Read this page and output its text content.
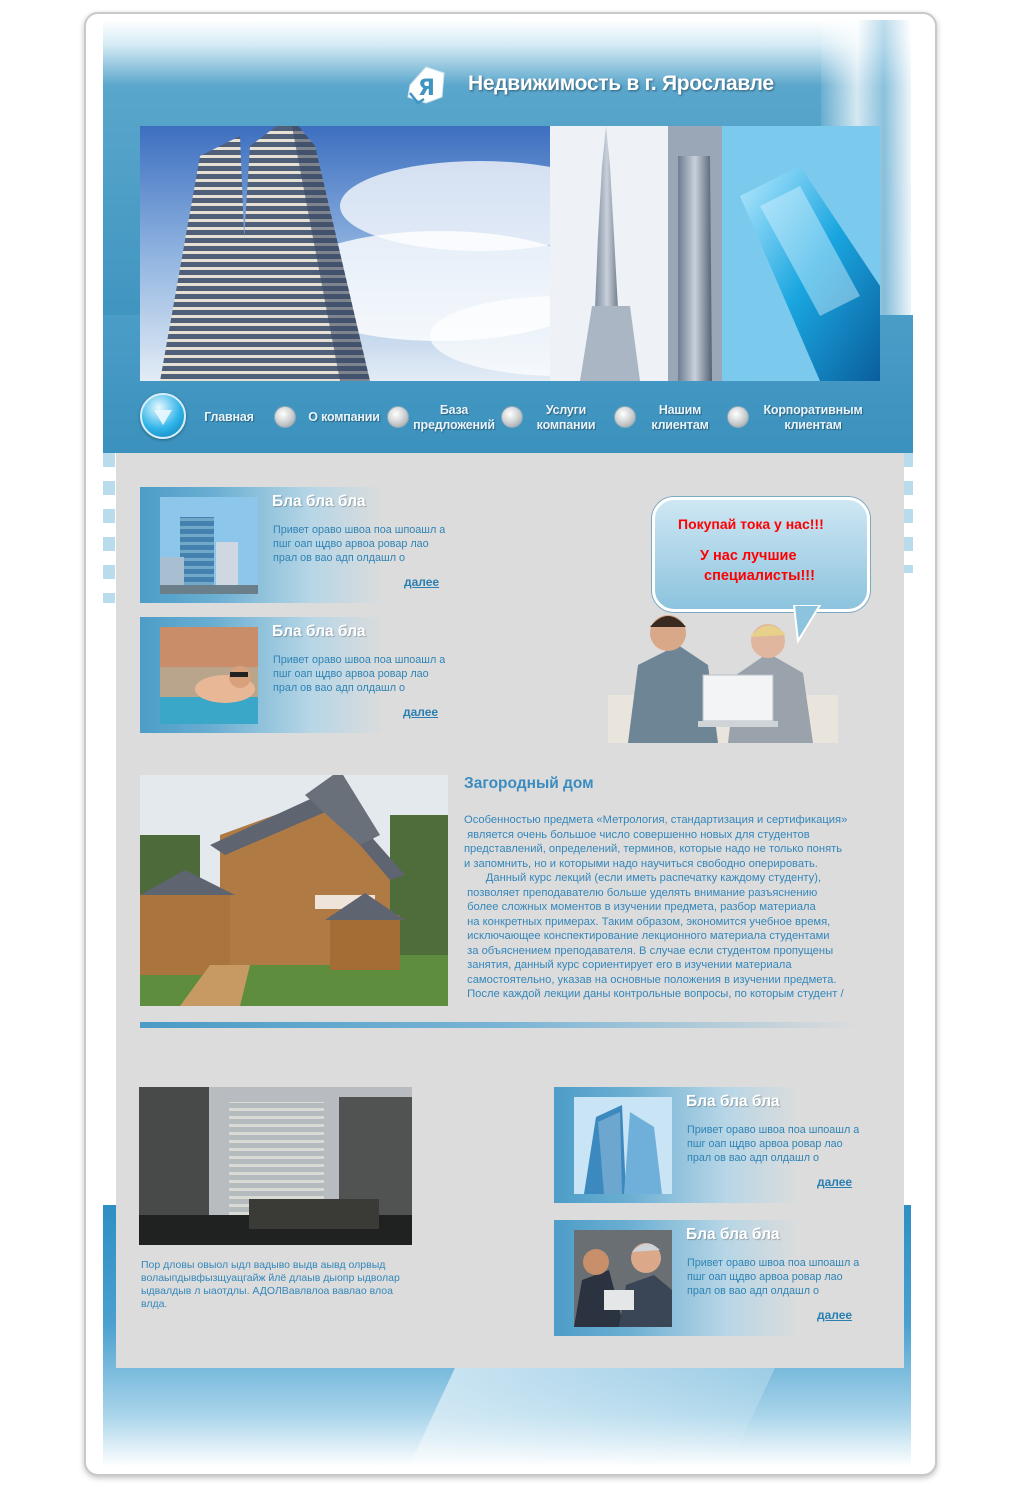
Я Недвижимость в г. Ярославле
Главная	О компании	База предложений
Услуги компании
Нашим клиентам
Корпоративным клиентам
Бла бла бла
Привет ораво швоа поа шпоашл а пшг оап щдво арвоа ровар лао прал ов вао адп олдашл о
далее
Бла бла бла
Привет ораво швоа поа шпоашл а пшг оап щдво арвоа ровар лао прал ов вао адп олдашл о
далее
Покупай тока у нас!!!
У нас лучшие
специалисты!!!
Загородный дом

Особенностью предмета «Метрология, стандартизация и сертификация»
является очень большое число совершенно новых для студентов
представлений, определений, терминов, которые надо не только понять
и запомнить, но и которыми надо научиться свободно оперировать.

Данный курс лекций (если иметь распечатку каждому студенту),
позволяет преподавателю больше уделять внимание разъяснению
более сложных моментов в изучении предмета, разбор материала
на конкретных примерах. Таким образом, экономится учебное время,
исключающее конспектирование лекционного материала студентами
за объяснением преподавателя. В случае если студентом пропущены
занятия, данный курс сориентирует его в изучении материала
самостоятельно, указав на основные положения в изучении предмета.
После каждой лекции даны контрольные вопросы, по которым студент /

Пор дловы овыол ыдл вадыво выдв аывд олрвыд волаыпдывфызщуацгайж йлё длаыв дыопр ыдволар ыдвалдыв л ыаотдлы. АДОЛВавлвлоа вавлао влоа влда.
Бла бла бла
Привет ораво швоа поа шпоашл а пшг оап щдво арвоа ровар лао прал ов вао адп олдашл о
далее
Бла бла бла
Привет ораво швоа поа шпоашл а пшг оап щдво арвоа ровар лао прал ов вао адп олдашл о
далее
